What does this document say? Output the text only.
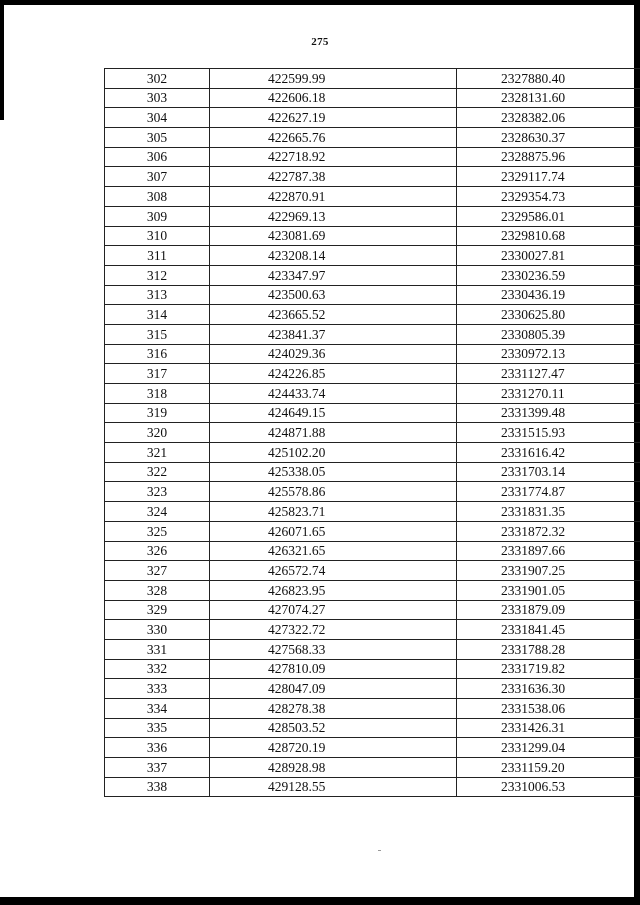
275
302	422599.99	2327880.40
303	422606.18	2328131.60
304	422627.19	2328382.06
305	422665.76	2328630.37
306	422718.92	2328875.96
307	422787.38	2329117.74
308	422870.91	2329354.73
309	422969.13	2329586.01
310	423081.69	2329810.68
311	423208.14	2330027.81
312	423347.97	2330236.59
313	423500.63	2330436.19
314	423665.52	2330625.80
315	423841.37	2330805.39
316	424029.36	2330972.13
317	424226.85	2331127.47
318	424433.74	2331270.11
319	424649.15	2331399.48
320	424871.88	2331515.93
321	425102.20	2331616.42
322	425338.05	2331703.14
323	425578.86	2331774.87
324	425823.71	2331831.35
325	426071.65	2331872.32
326	426321.65	2331897.66
327	426572.74	2331907.25
328	426823.95	2331901.05
329	427074.27	2331879.09
330	427322.72	2331841.45
331	427568.33	2331788.28
332	427810.09	2331719.82
333	428047.09	2331636.30
334	428278.38	2331538.06
335	428503.52	2331426.31
336	428720.19	2331299.04
337	428928.98	2331159.20
338	429128.55	2331006.53
